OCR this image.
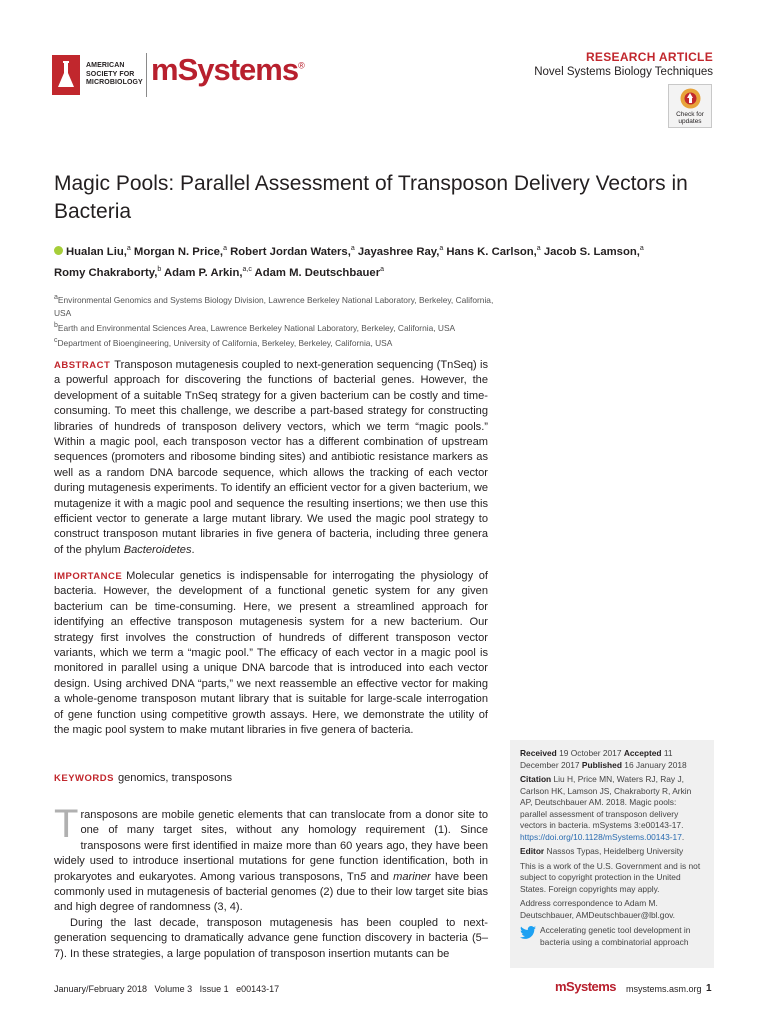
AMERICAN
SOCIETY FOR
MICROBIOLOGY mSystems®
RESEARCH ARTICLE
Novel Systems Biology Techniques
Check for
updates
Magic Pools: Parallel Assessment of Transposon Delivery Vectors in Bacteria
Hualan Liu,$^a$ Morgan N. Price,$^a$ Robert Jordan Waters,$^a$ Jayashree Ray,$^a$ Hans K. Carlson,$^a$ Jacob S. Lamson,$^a$
Romy Chakraborty,$^b$ Adam P. Arkin,$^{a,c}$ Adam M. Deutschbauer$^a$
$^a$Environmental Genomics and Systems Biology Division, Lawrence Berkeley National Laboratory, Berkeley, California, USA
$^b$Earth and Environmental Sciences Area, Lawrence Berkeley National Laboratory, Berkeley, California, USA
$^c$Department of Bioengineering, University of California, Berkeley, Berkeley, California, USA
ABSTRACT Transposon mutagenesis coupled to next-generation sequencing (TnSeq) is a powerful approach for discovering the functions of bacterial genes. However, the development of a suitable TnSeq strategy for a given bacterium can be costly and time-consuming. To meet this challenge, we describe a part-based strategy for constructing libraries of hundreds of transposon delivery vectors, which we term “magic pools.” Within a magic pool, each transposon vector has a different combination of upstream sequences (promoters and ribosome binding sites) and antibiotic resistance markers as well as a random DNA barcode sequence, which allows the tracking of each vector during mutagenesis experiments. To identify an efficient vector for a given bacterium, we mutagenize it with a magic pool and sequence the resulting insertions; we then use this efficient vector to generate a large mutant library. We used the magic pool strategy to construct transposon mutant libraries in five genera of bacteria, including three genera of the phylum Bacteroidetes.
IMPORTANCE Molecular genetics is indispensable for interrogating the physiology of bacteria. However, the development of a functional genetic system for any given bacterium can be time-consuming. Here, we present a streamlined approach for identifying an effective transposon mutagenesis system for a new bacterium. Our strategy first involves the construction of hundreds of different transposon vector variants, which we term a “magic pool.” The efficacy of each vector in a magic pool is monitored in parallel using a unique DNA barcode that is introduced into each vector design. Using archived DNA “parts,” we next reassemble an effective vector for making a whole-genome transposon mutant library that is suitable for large-scale interrogation of gene function using competitive growth assays. Here, we demonstrate the utility of the magic pool system to make mutant libraries in five genera of bacteria.
KEYWORDS genomics, transposons

Transposons are mobile genetic elements that can translocate from a donor site to one of many target sites, without any homology requirement (1). Since transposons were first identified in maize more than 60 years ago, they have been widely used to introduce insertional mutations for gene function identification, both in prokaryotes and eukaryotes. Among various transposons, Tn5 and mariner have been commonly used in mutagenesis of bacterial genomes (2) due to their low target site bias and high degree of randomness (3, 4).

During the last decade, transposon mutagenesis has been coupled to next-generation sequencing to dramatically advance gene function discovery in bacteria (5–7). In these strategies, a large population of transposon insertion mutants can be

Received 19 October 2017 Accepted 11 December 2017 Published 16 January 2018
Citation Liu H, Price MN, Waters RJ, Ray J, Carlson HK, Lamson JS, Chakraborty R, Arkin AP, Deutschbauer AM. 2018. Magic pools: parallel assessment of transposon delivery vectors in bacteria. mSystems 3:e00143-17. https://doi.org/10.1128/mSystems.00143-17.
Editor Nassos Typas, Heidelberg University
This is a work of the U.S. Government and is not subject to copyright protection in the United States. Foreign copyrights may apply.
Address correspondence to Adam M. Deutschbauer, AMDeutschbauer@lbl.gov.
Accelerating genetic tool development in bacteria using a combinatorial approach
January/February 2018   Volume 3   Issue 1   e00143-17	mSystems msystems.asm.org 1
